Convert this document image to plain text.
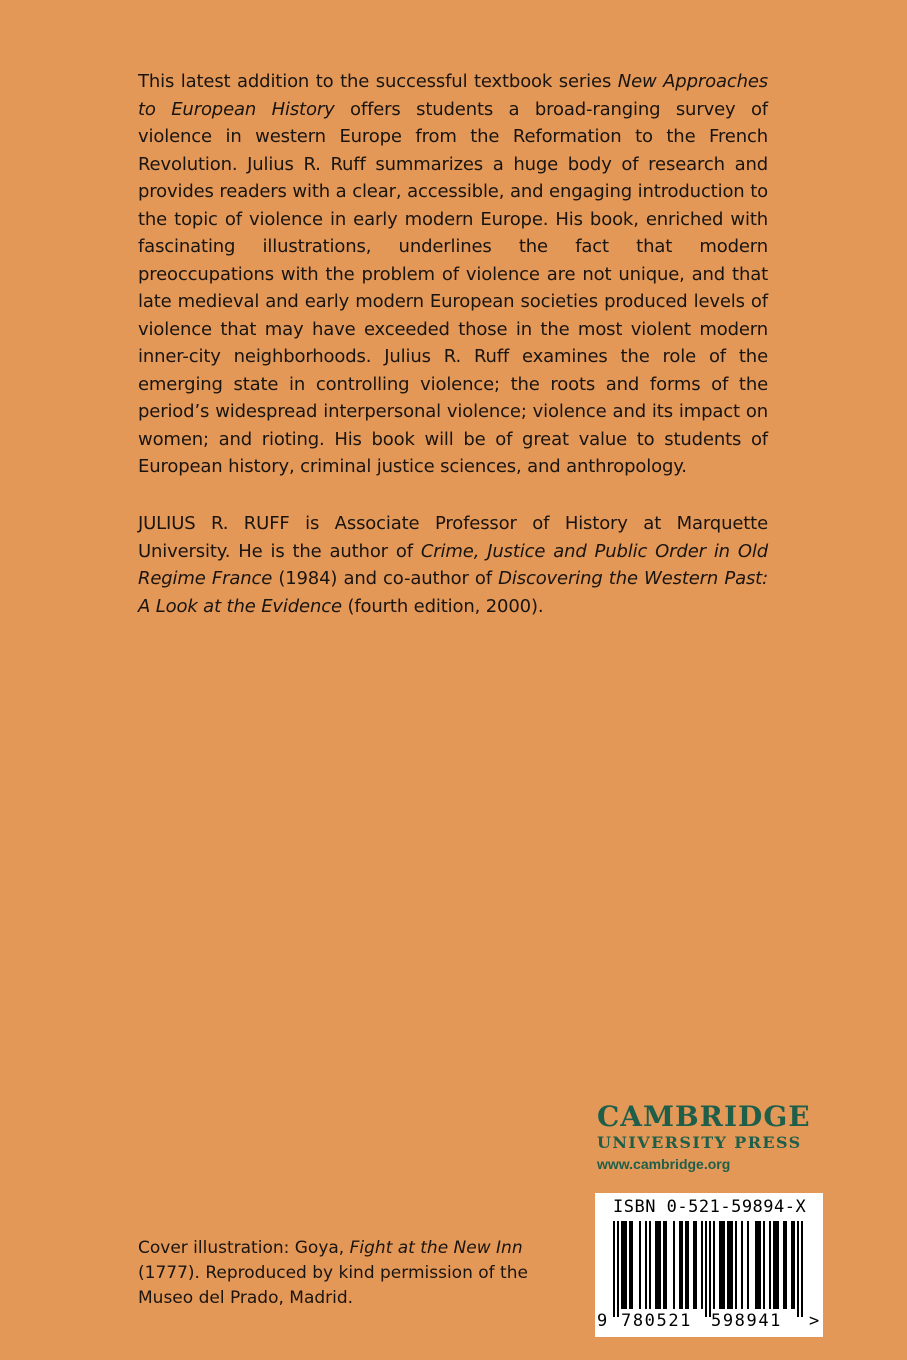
This latest addition to the successful textbook series New Approaches to European History offers students a broad-ranging survey of violence in western Europe from the Reformation to the French Revolution. Julius R. Ruff summarizes a huge body of research and provides readers with a clear, accessible, and engaging introduction to the topic of violence in early modern Europe. His book, enriched with fascinating illustrations, underlines the fact that modern preoccupations with the problem of violence are not unique, and that late medieval and early modern European societies produced levels of violence that may have exceeded those in the most violent modern inner-city neighborhoods. Julius R. Ruff examines the role of the emerging state in controlling violence; the roots and forms of the period’s widespread interpersonal violence; violence and its impact on women; and rioting. His book will be of great value to students of European history, criminal justice sciences, and anthropology.

JULIUS R. RUFF is Associate Professor of History at Marquette University. He is the author of Crime, Justice and Public Order in Old Regime France (1984) and co-author of Discovering the Western Past: A Look at the Evidence (fourth edition, 2000).

CAMBRIDGE
UNIVERSITY PRESS
www.cambridge.org
ISBN 0-521-59894-X
9 780521 598941 >

Cover illustration: Goya, Fight at the New Inn (1777). Reproduced by kind permission of the Museo del Prado, Madrid.
